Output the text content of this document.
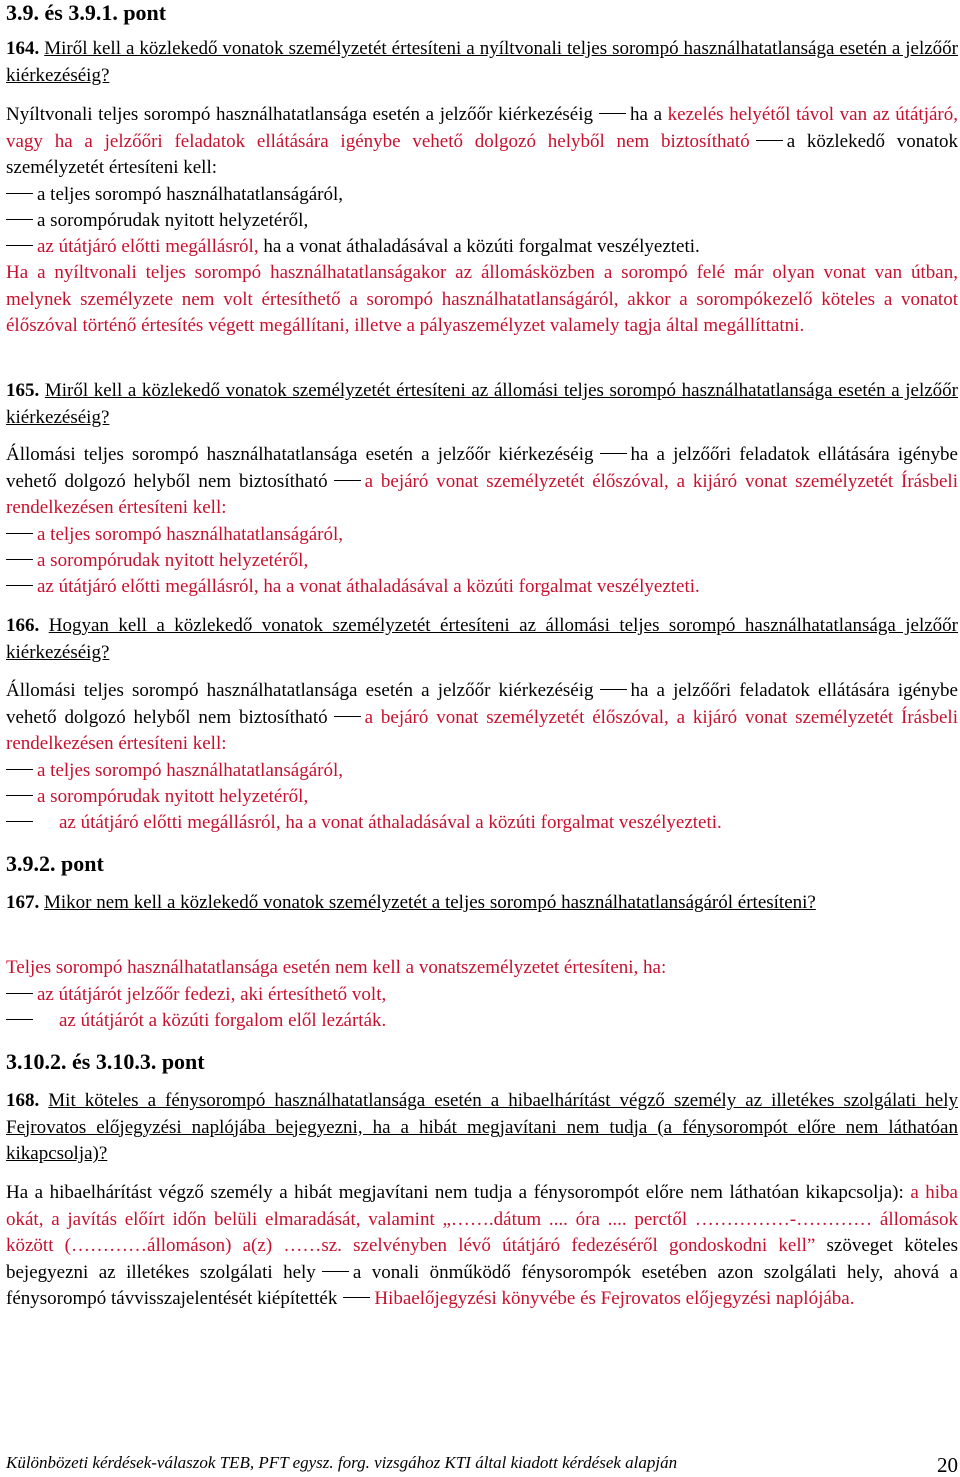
3.9. és 3.9.1. pont

164. Miről kell a közlekedő vonatok személyzetét értesíteni a nyíltvonali teljes sorompó használhatatlansága esetén a jelzőőr kiérkezéséig?

Nyíltvonali teljes sorompó használhatatlansága esetén a jelzőőr kiérkezéséig ha a kezelés helyétől távol van az útátjáró, vagy ha a jelzőőri feladatok ellátására igénybe vehető dolgozó helyből nem biztosítható a közlekedő vonatok személyzetét értesíteni kell:

a teljes sorompó használhatatlanságáról,
a sorompórudak nyitott helyzetéről,
az útátjáró előtti megállásról, ha a vonat áthaladásával a közúti forgalmat veszélyezteti.

Ha a nyíltvonali teljes sorompó használhatatlanságakor az állomásközben a sorompó felé már olyan vonat van útban, melynek személyzete nem volt értesíthető a sorompó használhatatlanságáról, akkor a sorompókezelő köteles a vonatot élőszóval történő értesítés végett megállítani, illetve a pályaszemélyzet valamely tagja által megállíttatni.

165. Miről kell a közlekedő vonatok személyzetét értesíteni az állomási teljes sorompó használhatatlansága esetén a jelzőőr kiérkezéséig?

Állomási teljes sorompó használhatatlansága esetén a jelzőőr kiérkezéséig ha a jelzőőri feladatok ellátására igénybe vehető dolgozó helyből nem biztosítható a bejáró vonat személyzetét élőszóval, a kijáró vonat személyzetét Írásbeli rendelkezésen értesíteni kell:

a teljes sorompó használhatatlanságáról,
a sorompórudak nyitott helyzetéről,
az útátjáró előtti megállásról, ha a vonat áthaladásával a közúti forgalmat veszélyezteti.

166. Hogyan kell a közlekedő vonatok személyzetét értesíteni az állomási teljes sorompó használhatatlansága jelzőőr kiérkezéséig?

Állomási teljes sorompó használhatatlansága esetén a jelzőőr kiérkezéséig ha a jelzőőri feladatok ellátására igénybe vehető dolgozó helyből nem biztosítható a bejáró vonat személyzetét élőszóval, a kijáró vonat személyzetét Írásbeli rendelkezésen értesíteni kell:

a teljes sorompó használhatatlanságáról,
a sorompórudak nyitott helyzetéről,
az útátjáró előtti megállásról, ha a vonat áthaladásával a közúti forgalmat veszélyezteti.
3.9.2. pont

167. Mikor nem kell a közlekedő vonatok személyzetét a teljes sorompó használhatatlanságáról értesíteni?

Teljes sorompó használhatatlansága esetén nem kell a vonatszemélyzetet értesíteni, ha:

az útátjárót jelzőőr fedezi, aki értesíthető volt,
az útátjárót a közúti forgalom elől lezárták.
3.10.2. és 3.10.3. pont

168. Mit köteles a fénysorompó használhatatlansága esetén a hibaelhárítást végző személy az illetékes szolgálati hely Fejrovatos előjegyzési naplójába bejegyezni, ha a hibát megjavítani nem tudja (a fénysorompót előre nem láthatóan kikapcsolja)?

Ha a hibaelhárítást végző személy a hibát megjavítani nem tudja a fénysorompót előre nem láthatóan kikapcsolja): a hiba okát, a javítás előírt időn belüli elmaradását, valamint „…….dátum .... óra .... perctől ……………-………… állomások között (…………állomáson) a(z) ……sz. szelvényben lévő útátjáró fedezéséről gondoskodni kell” szöveget köteles bejegyezni az illetékes szolgálati hely a vonali önműködő fénysorompók esetében azon szolgálati hely, ahová a fénysorompó távvisszajelentését kiépítették Hibaelőjegyzési könyvébe és Fejrovatos előjegyzési naplójába.

Különbözeti kérdések-válaszok TEB, PFT egysz. forg. vizsgához KTI által kiadott kérdések alapján	20
